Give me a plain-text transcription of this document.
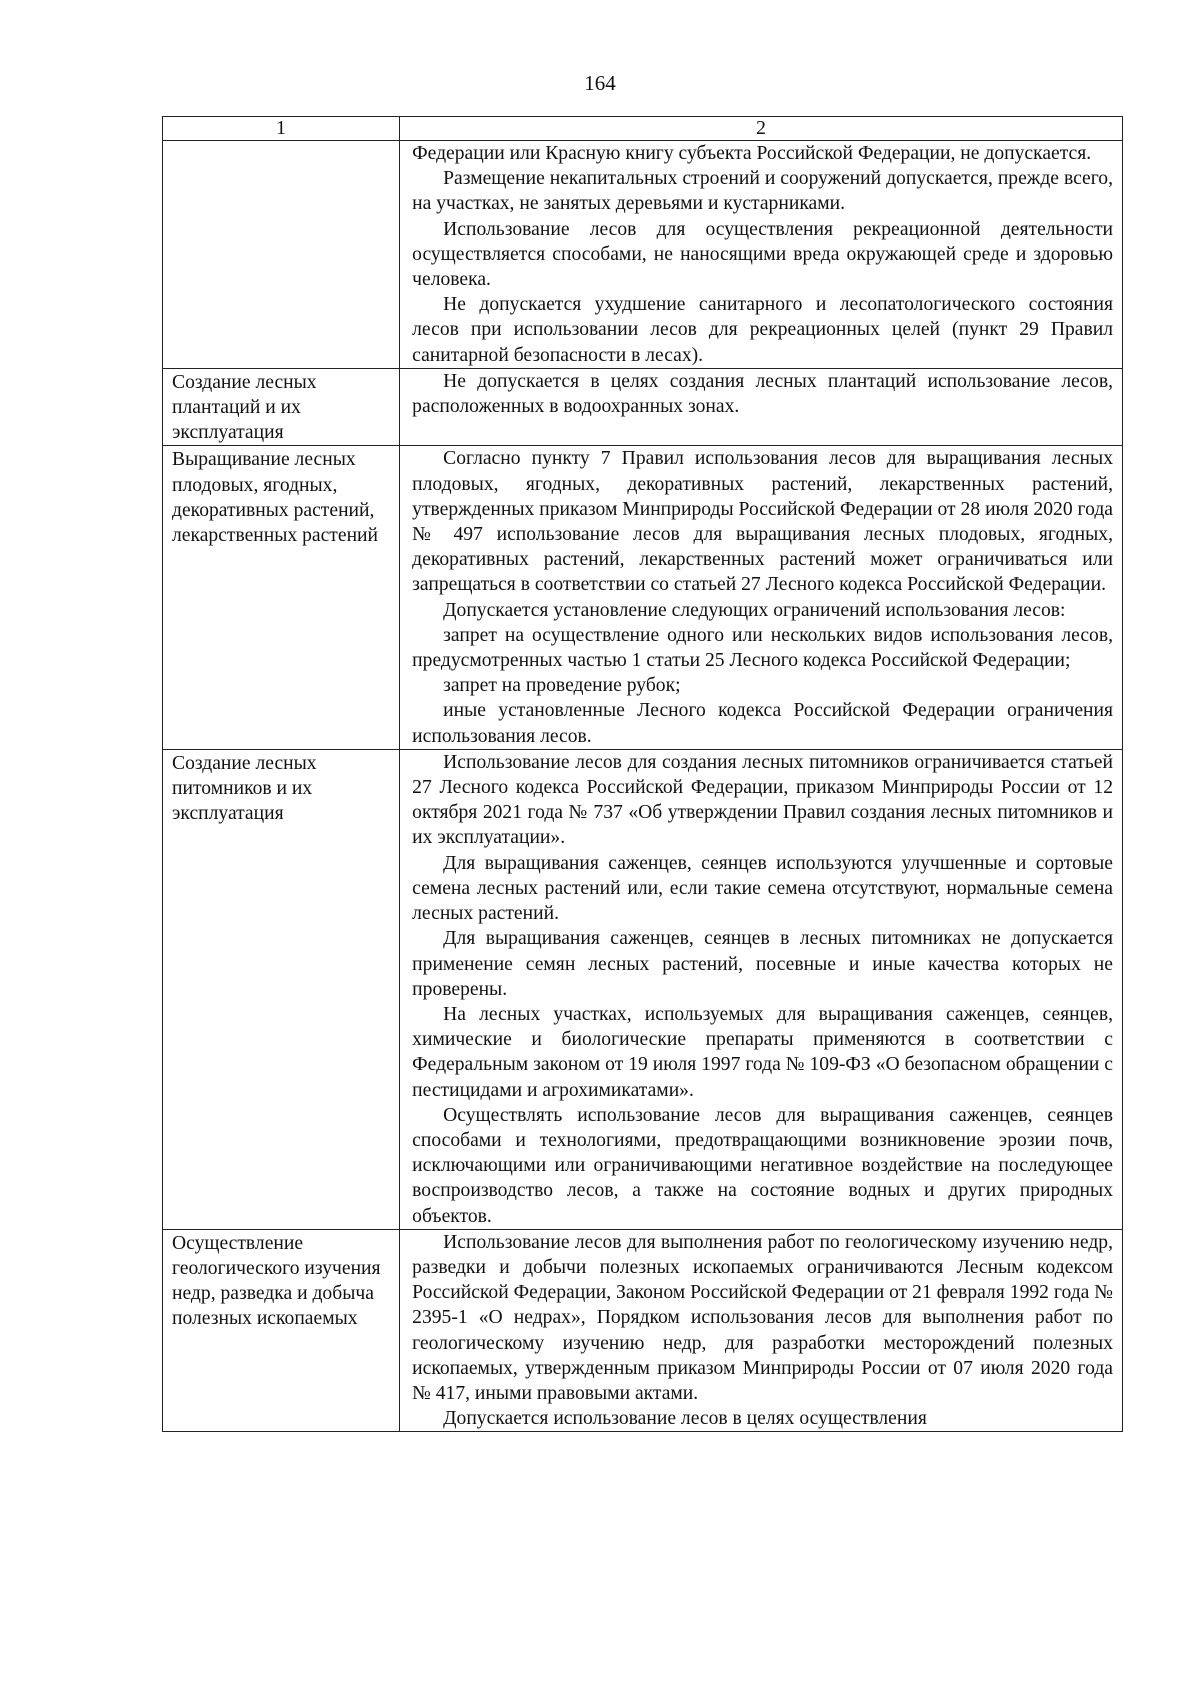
164
1	2

	Федерации или Красную книгу субъекта Российской Федерации, не допускается.

Размещение некапитальных строений и сооружений допускается, прежде всего, на участках, не занятых деревьями и кустарниками.

Использование лесов для осуществления рекреационной деятельности осуществляется способами, не наносящими вреда окружающей среде и здоровью человека.

Не допускается ухудшение санитарного и лесопатологического состояния лесов при использовании лесов для рекреационных целей (пункт 29 Правил санитарной безопасности в лесах).

Создание лесных плантаций и их эксплуатация	Не допускается в целях создания лесных плантаций использование лесов, расположенных в водоохранных зонах.

Выращивание лесных плодовых, ягодных, декоративных растений, лекарственных растений	Согласно пункту 7 Правил использования лесов для выращивания лесных плодовых, ягодных, декоративных растений, лекарственных растений, утвержденных приказом Минприроды Российской Федерации от 28 июля 2020 года № 497 использование лесов для выращивания лесных плодовых, ягодных, декоративных растений, лекарственных растений может ограничиваться или запрещаться в соответствии со статьей 27 Лесного кодекса Российской Федерации.

Допускается установление следующих ограничений использования лесов:

запрет на осуществление одного или нескольких видов использования лесов, предусмотренных частью 1 статьи 25 Лесного кодекса Российской Федерации;

запрет на проведение рубок;

иные установленные Лесного кодекса Российской Федерации ограничения использования лесов.

Создание лесных питомников и их эксплуатация	Использование лесов для создания лесных питомников ограничивается статьей 27 Лесного кодекса Российской Федерации, приказом Минприроды России от 12 октября 2021 года № 737 «Об утверждении Правил создания лесных питомников и их эксплуатации».

Для выращивания саженцев, сеянцев используются улучшенные и сортовые семена лесных растений или, если такие семена отсутствуют, нормальные семена лесных растений.

Для выращивания саженцев, сеянцев в лесных питомниках не допускается применение семян лесных растений, посевные и иные качества которых не проверены.

На лесных участках, используемых для выращивания саженцев, сеянцев, химические и биологические препараты применяются в соответствии с Федеральным законом от 19 июля 1997 года № 109-ФЗ «О безопасном обращении с пестицидами и агрохимикатами».

Осуществлять использование лесов для выращивания саженцев, сеянцев способами и технологиями, предотвращающими возникновение эрозии почв, исключающими или ограничивающими негативное воздействие на последующее воспроизводство лесов, а также на состояние водных и других природных объектов.

Осуществление геологического изучения недр, разведка и добыча полезных ископаемых	Использование лесов для выполнения работ по геологическому изучению недр, разведки и добычи полезных ископаемых ограничиваются Лесным кодексом Российской Федерации, Законом Российской Федерации от 21 февраля 1992 года № 2395-1 «О недрах», Порядком использования лесов для выполнения работ по геологическому изучению недр, для разработки месторождений полезных ископаемых, утвержденным приказом Минприроды России от 07 июля 2020 года № 417, иными правовыми актами.

Допускается использование лесов в целях осуществления
